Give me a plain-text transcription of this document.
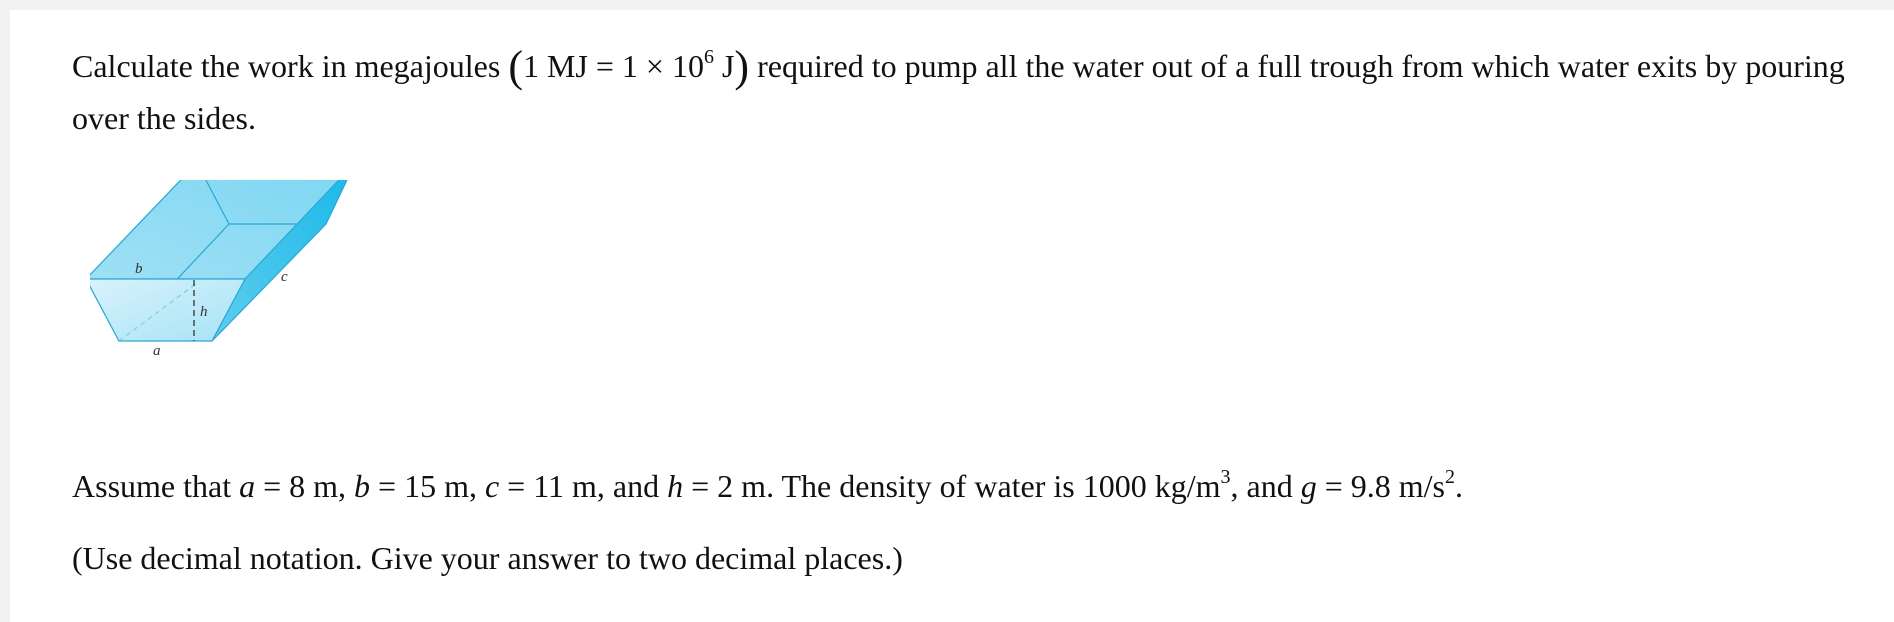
Calculate the work in megajoules (1 MJ = $1 \times 10^6$ J) required to pump all the water out of a full trough from which water exits by pouring over the sides.
b
h
c
a
Assume that a = 8 m, b = 15 m, c = 11 m, and h = 2 m. The density of water is 1000 $kg/m^3$, and g = 9.8 $m/s^2$.
(Use decimal notation. Give your answer to two decimal places.)
